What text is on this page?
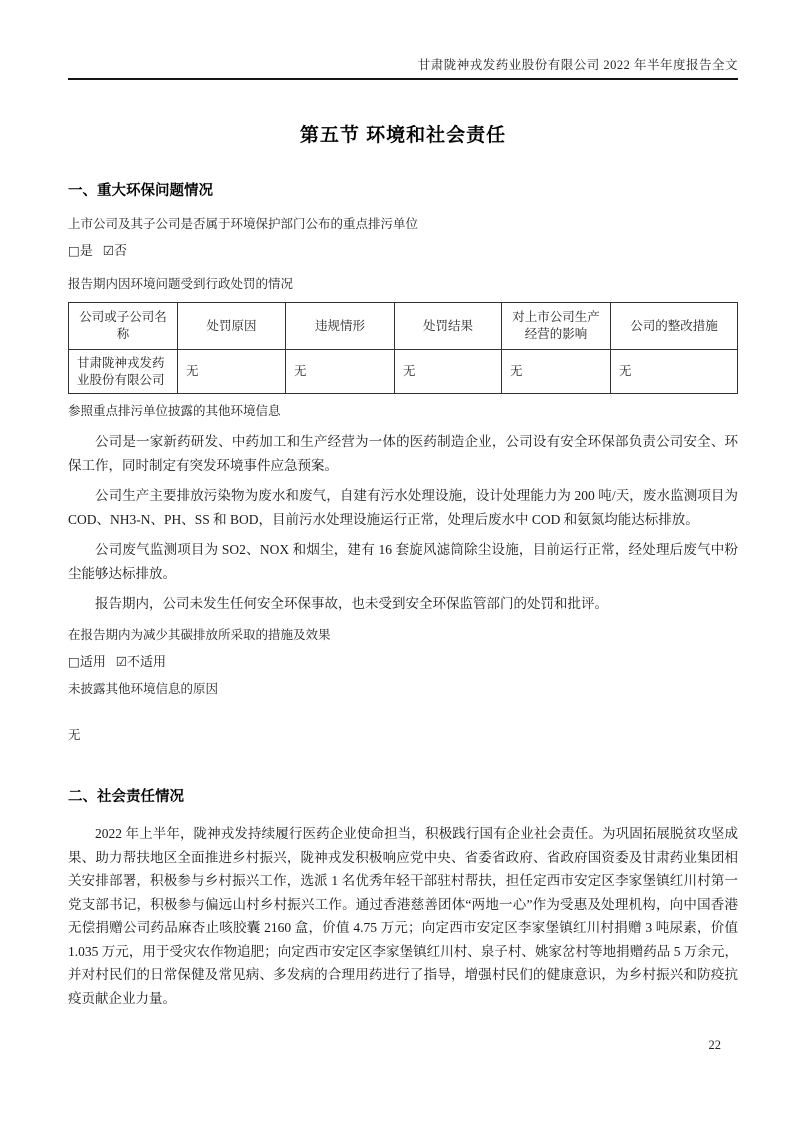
甘肃陇神戎发药业股份有限公司 2022 年半年度报告全文
第五节 环境和社会责任
一、重大环保问题情况
上市公司及其子公司是否属于环境保护部门公布的重点排污单位
□是 ☑否
报告期内因环境问题受到行政处罚的情况
公司或子公司名称	处罚原因	违规情形	处罚结果	对上市公司生产经营的影响	公司的整改措施
甘肃陇神戎发药业股份有限公司	无	无	无	无	无
参照重点排污单位披露的其他环境信息

公司是一家新药研发、中药加工和生产经营为一体的医药制造企业，公司设有安全环保部负责公司安全、环保工作，同时制定有突发环境事件应急预案。

公司生产主要排放污染物为废水和废气，自建有污水处理设施，设计处理能力为 200 吨/天，废水监测项目为 COD、NH3-N、PH、SS 和 BOD，目前污水处理设施运行正常，处理后废水中 COD 和氨氮均能达标排放。

公司废气监测项目为 SO2、NOX 和烟尘，建有 16 套旋风滤筒除尘设施，目前运行正常，经处理后废气中粉尘能够达标排放。

报告期内，公司未发生任何安全环保事故，也未受到安全环保监管部门的处罚和批评。

在报告期内为减少其碳排放所采取的措施及效果
□适用 ☑不适用
未披露其他环境信息的原因
无
二、社会责任情况

2022 年上半年，陇神戎发持续履行医药企业使命担当，积极践行国有企业社会责任。为巩固拓展脱贫攻坚成果、助力帮扶地区全面推进乡村振兴，陇神戎发积极响应党中央、省委省政府、省政府国资委及甘肃药业集团相关安排部署，积极参与乡村振兴工作，选派 1 名优秀年轻干部驻村帮扶，担任定西市安定区李家堡镇红川村第一党支部书记，积极参与偏远山村乡村振兴工作。通过香港慈善团体“两地一心”作为受惠及处理机构，向中国香港无偿捐赠公司药品麻杏止咳胶囊 2160 盒，价值 4.75 万元；向定西市安定区李家堡镇红川村捐赠 3 吨尿素，价值 1.035 万元，用于受灾农作物追肥；向定西市安定区李家堡镇红川村、泉子村、姚家岔村等地捐赠药品 5 万余元，并对村民们的日常保健及常见病、多发病的合理用药进行了指导，增强村民们的健康意识，为乡村振兴和防疫抗疫贡献企业力量。

22
